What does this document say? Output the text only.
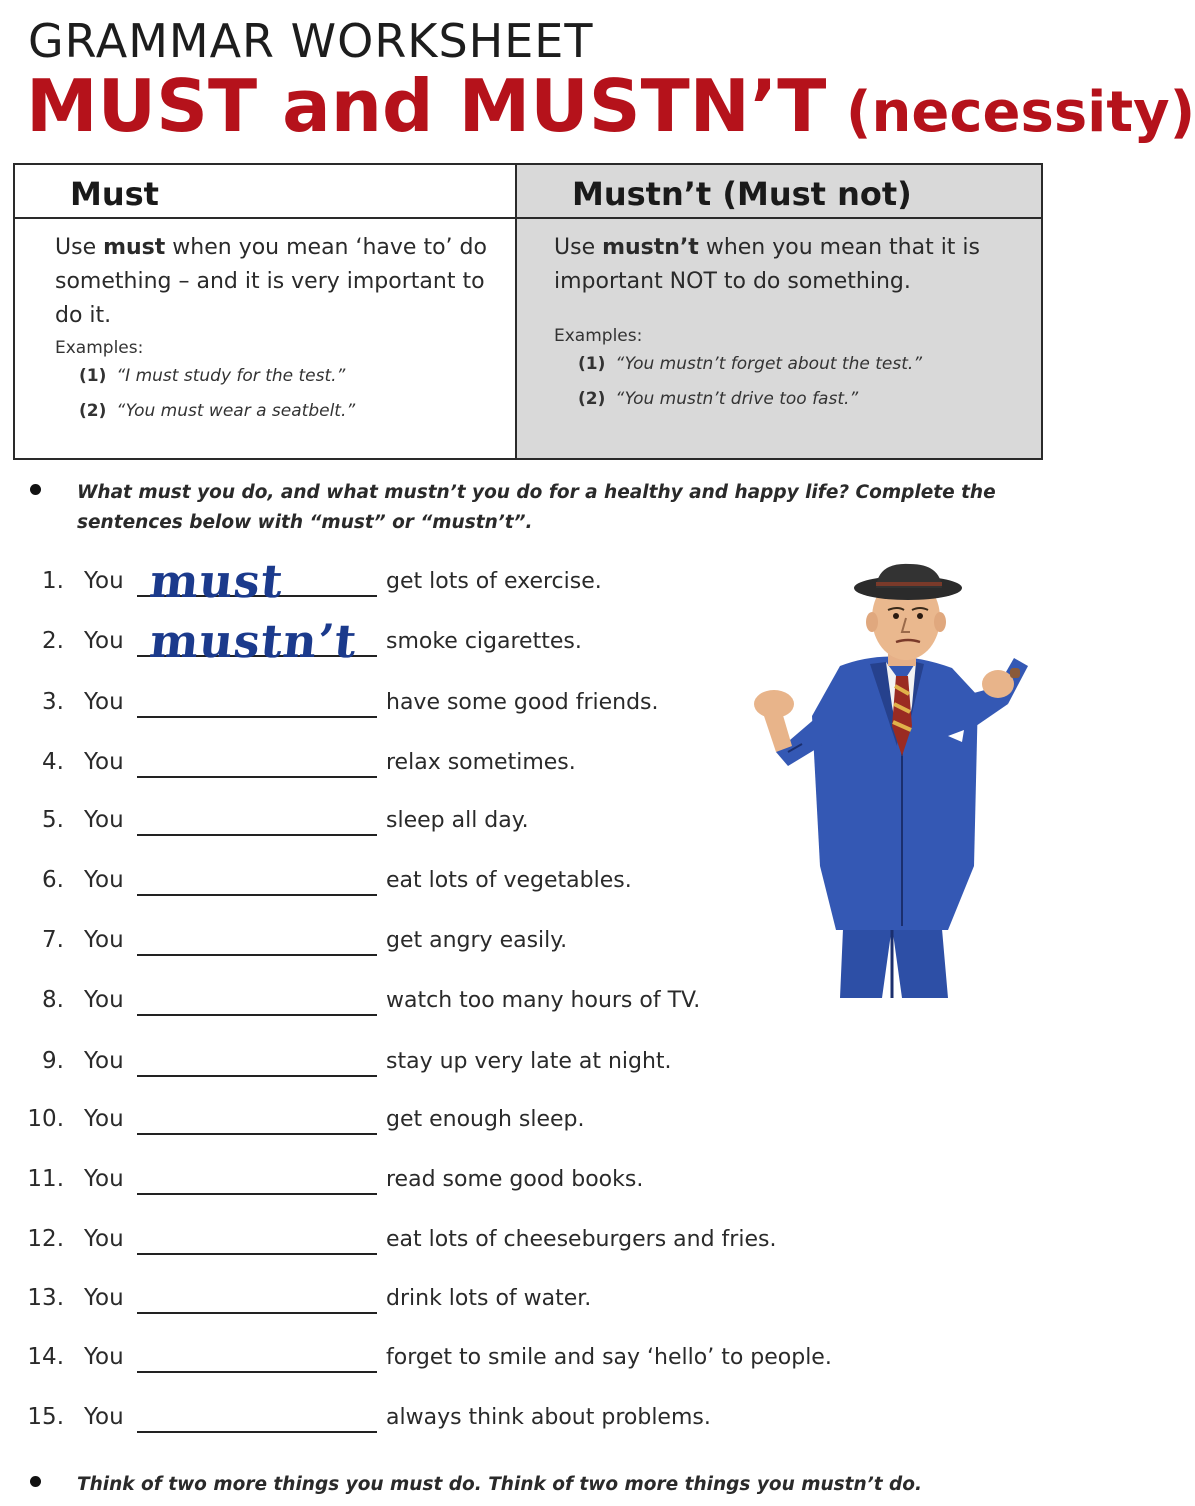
GRAMMAR WORKSHEET
MUST and MUSTN’T (necessity)
Must
Use must when you mean ‘have to’ do something – and it is very important to do it.
Examples:
(1) “I must study for the test.”
(2) “You must wear a seatbelt.”
Mustn’t (Must not)
Use mustn’t when you mean that it is important NOT to do something.
Examples:
(1) “You mustn’t forget about the test.”
(2) “You mustn’t drive too fast.”
What must you do, and what mustn’t you do for a healthy and happy life? Complete the sentences below with “must” or “mustn’t”.
1. You must	get lots of exercise.
2. You mustn’t smoke cigarettes.
3. You	have some good friends.
4. You	relax sometimes.
5. You	sleep all day.
6. You	eat lots of vegetables.
7. You	get angry easily.
8. You	watch too many hours of TV.
9. You	stay up very late at night.
10. You	get enough sleep.
11. You	read some good books.
12. You	eat lots of cheeseburgers and fries.
13. You	drink lots of water.
14. You	forget to smile and say ‘hello’ to people.
15. You	always think about problems.
Think of two more things you must do. Think of two more things you mustn’t do.
